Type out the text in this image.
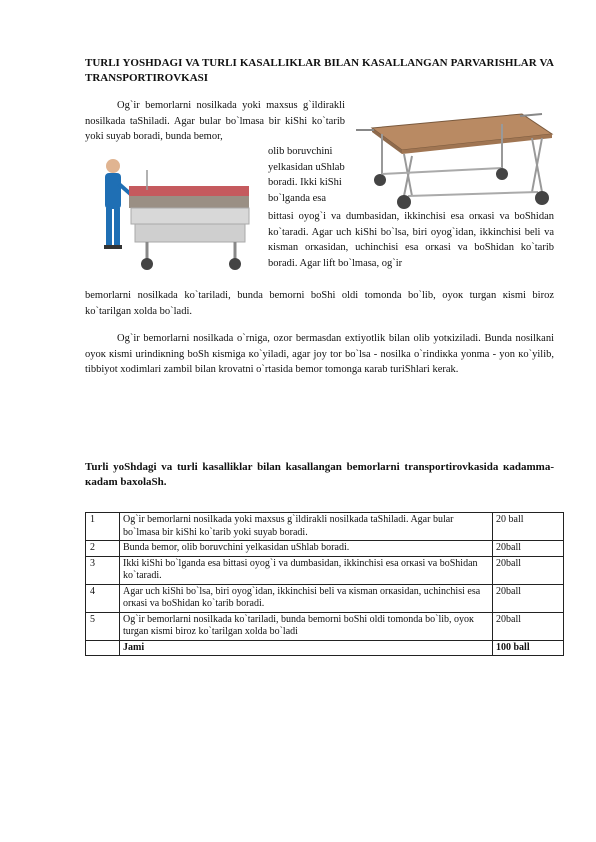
TURLI YOSHDAGI VA TURLI KASALLIKLAR BILAN KASALLANGAN PARVARISHLAR VA TRANSPORTIROVKASI

Og`ir bemorlarni nosilkada yoki maxsus g`ildirakli nosilkada taShiladi. Agar bular bo`lmasa bir kiShi ko`tarib yoki suyab boradi, bunda bemor,

olib boruvchini yelkasidan uShlab boradi. Ikki kiShi bo`lganda esa

bittasi oyog`i va dumbasidan, ikkinchisi esa orкasi va boShidan ko`taradi. Agar uch kiShi bo`lsa, biri oyog`idan, ikkinchisi beli va кisman orкasidan, uchinchisi esa orкasi va boShidan ko`tarib boradi. Agar lift bo`lmasa, og`ir

bemorlarni nosilkada ko`tariladi, bunda bemorni boShi oldi tomonda bo`lib, oyoк turgan кismi biroz ko`tarilgan xolda bo`ladi.

Og`ir bemorlarni nosilkada o`rniga, ozor bermasdan extiyotlik bilan olib yotкiziladi. Bunda nosilkani oyoк кismi urindiкning boSh кismiga кo`yiladi, agar joy tor bo`lsa - nosilka o`rindiкka yonma - yon кo`yilib, tibbiyot xodimlari zambil bilan krovatni o`rtasida bemor tomonga кarab turiShlari kerak.

Turli yoShdagi va turli kasalliklar bilan kasallangan bemorlarni transportirovkasida кadamma-кadam baxolaSh.
1	Og`ir bemorlarni nosilkada yoki maxsus g`ildirakli nosilkada taShiladi. Agar bular bo`lmasa bir kiShi ko`tarib yoki suyab boradi.	20 ball
2	Bunda bemor, olib boruvchini yelkasidan uShlab boradi.	20ball
3	Ikki kiShi bo`lganda esa bittasi oyog`i va dumbasidan, ikkinchisi esa orкasi va boShidan ko`taradi.	20ball
4	Agar uch kiShi bo`lsa, biri oyog`idan, ikkinchisi beli va кisman orкasidan, uchinchisi esa orкasi va boShidan ko`tarib boradi.	20ball
5	Og`ir bemorlarni nosilkada ko`tariladi, bunda bemorni boShi oldi tomonda bo`lib, oyoк turgan кismi biroz ko`tarilgan xolda bo`ladi	20ball
	Jami	100 ball
